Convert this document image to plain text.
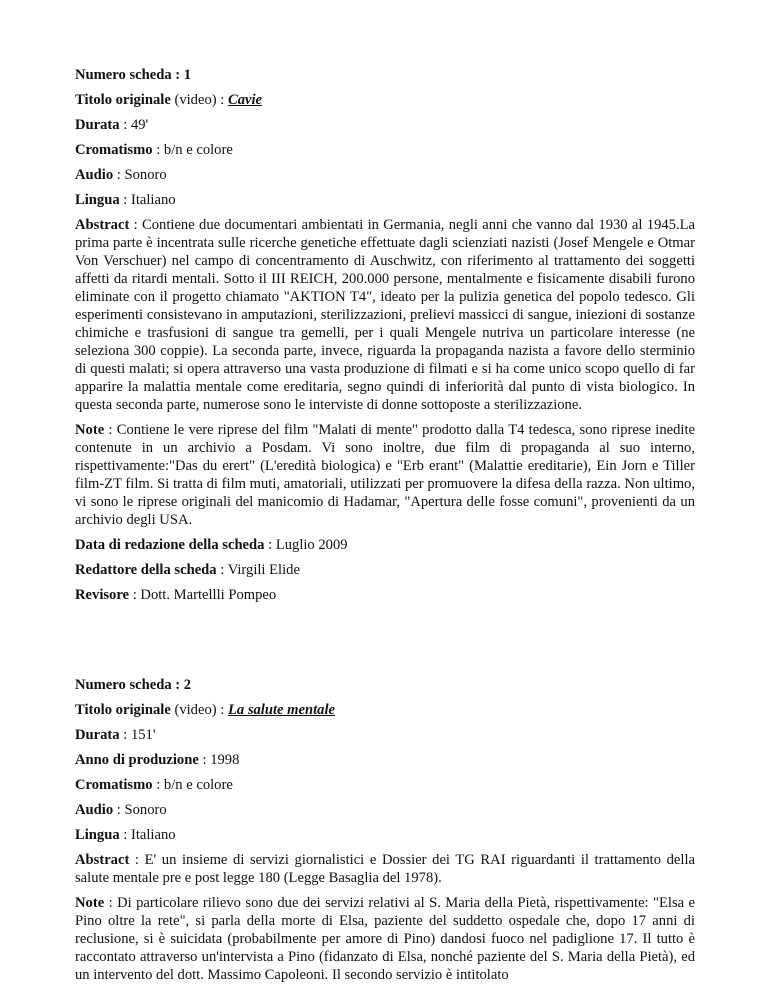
Numero scheda : 1

Titolo originale (video) : Cavie

Durata : 49'

Cromatismo : b/n e colore

Audio : Sonoro

Lingua : Italiano

Abstract : Contiene due documentari ambientati in Germania, negli anni che vanno dal 1930 al 1945.La prima parte è incentrata sulle ricerche genetiche effettuate dagli scienziati nazisti (Josef Mengele e Otmar Von Verschuer) nel campo di concentramento di Auschwitz, con riferimento al trattamento dei soggetti affetti da ritardi mentali. Sotto il III REICH, 200.000 persone, mentalmente e fisicamente disabili furono eliminate con il progetto chiamato "AKTION T4", ideato per la pulizia genetica del popolo tedesco. Gli esperimenti consistevano in amputazioni, sterilizzazioni, prelievi massicci di sangue, iniezioni di sostanze chimiche e trasfusioni di sangue tra gemelli, per i quali Mengele nutriva un particolare interesse (ne seleziona 300 coppie). La seconda parte, invece, riguarda la propaganda nazista a favore dello sterminio di questi malati; si opera attraverso una vasta produzione di filmati e si ha come unico scopo quello di far apparire la malattia mentale come ereditaria, segno quindi di inferiorità dal punto di vista biologico. In questa seconda parte, numerose sono le interviste di donne sottoposte a sterilizzazione.

Note : Contiene le vere riprese del film "Malati di mente" prodotto dalla T4 tedesca, sono riprese inedite contenute in un archivio a Posdam. Vi sono inoltre, due film di propaganda al suo interno, rispettivamente:"Das du erert" (L'eredità biologica) e "Erb erant" (Malattie ereditarie), Ein Jorn e Tiller film-ZT film. Si tratta di film muti, amatoriali, utilizzati per promuovere la difesa della razza. Non ultimo, vi sono le riprese originali del manicomio di Hadamar, "Apertura delle fosse comuni", provenienti da un archivio degli USA.

Data di redazione della scheda : Luglio 2009

Redattore della scheda : Virgili Elide

Revisore : Dott. Martellli Pompeo

Numero scheda : 2

Titolo originale (video) : La salute mentale

Durata : 151'

Anno di produzione : 1998

Cromatismo : b/n e colore

Audio : Sonoro

Lingua : Italiano

Abstract : E' un insieme di servizi giornalistici e Dossier dei TG RAI riguardanti il trattamento della salute mentale pre e post legge 180 (Legge Basaglia del 1978).

Note : Di particolare rilievo sono due dei servizi relativi al S. Maria della Pietà, rispettivamente: "Elsa e Pino oltre la rete", si parla della morte di Elsa, paziente del suddetto ospedale che, dopo 17 anni di reclusione, si è suicidata (probabilmente per amore di Pino) dandosi fuoco nel padiglione 17. Il tutto è raccontato attraverso un'intervista a Pino (fidanzato di Elsa, nonché paziente del S. Maria della Pietà), ed un intervento del dott. Massimo Capoleoni. Il secondo servizio è intitolato
